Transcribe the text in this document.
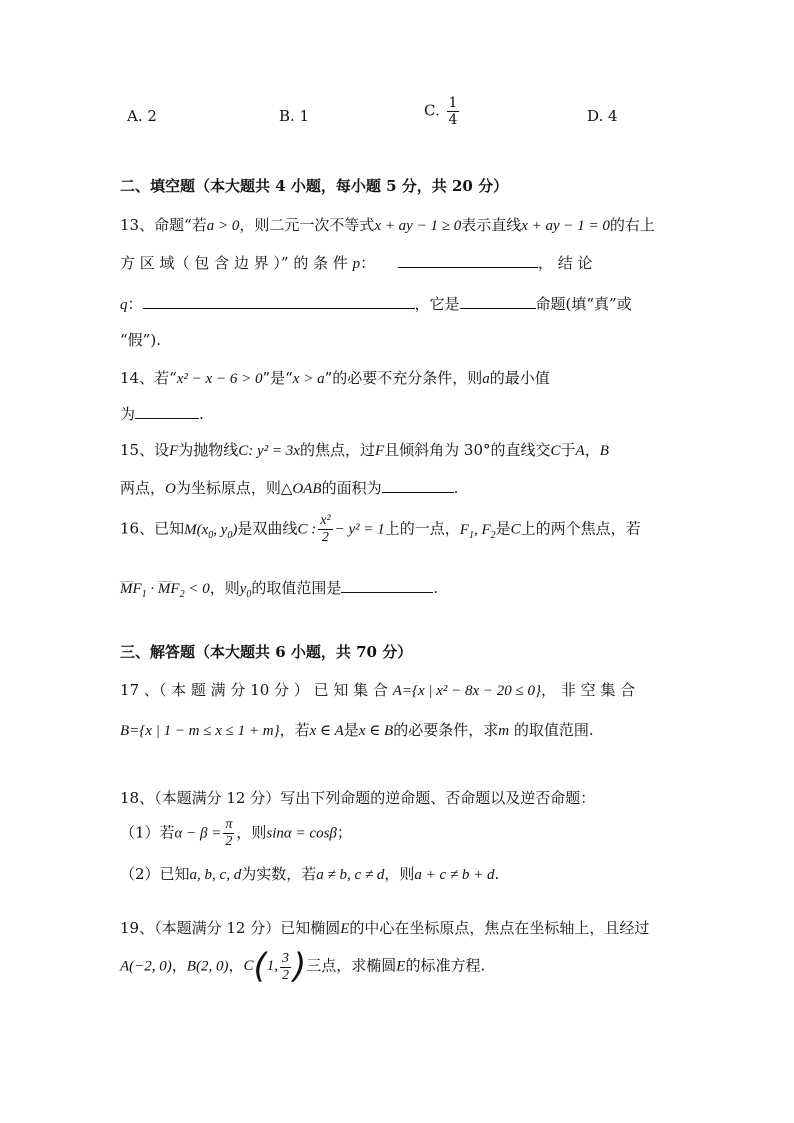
A. 2	B. 1	C. $\frac{1}{4}$	D. 4
二、填空题（本大题共 4 小题，每小题 5 分，共 20 分）
13、命题“若a > 0，则二元一次不等式x + ay − 1 ≥ 0表示直线x + ay − 1 = 0的右上
方 区 域（ 包 含 边 界 ）” 的 条 件 p：	， 结 论
q：	，它是	命题(填“真”或
“假”).
14、若“x² − x − 6 > 0”是“x > a”的必要不充分条件，则a的最小值
为	.
15、设F为抛物线C: y² = 3x的焦点，过F且倾斜角为 30°的直线交C于A，B
两点，O为坐标原点，则△OAB的面积为	.
16、已知$M(x_0$, $y_0$)是双曲线C : $\frac{\text{x²}}{2} - y^2 = 1$上的一点，$F_1$, $F_2$是C上的两个焦点，若
﹏﹏ $MF_1$ · ﹏﹏ $MF_2 < 0$，则$y_0$的取值范围是	.
三、解答题（本大题共 6 小题，共 70 分）
17 、（ 本 题 满 分 10 分 ） 已 知 集 合 A={x | x² − 8x − 20 ≤ 0}， 非 空 集 合
B={x | 1 − m ≤ x ≤ 1 + m}，若x ∈ A是x ∈ B的必要条件，求m 的取值范围.
18、（本题满分 12 分）写出下列命题的逆命题、否命题以及逆否命题：
（1）若$\alpha - \beta = \frac{\pi}{2}$ ，则sinα = cosβ；
（2）已知a, b, c, d为实数，若a ≠ b, c ≠ d，则a + c ≠ b + d.
19、（本题满分 12 分）已知椭圆E的中心在坐标原点，焦点在坐标轴上，且经过
A(−2, 0)，B(2, 0)，C(1, $\frac{3}{2}$ )三点，求椭圆E的标准方程.
